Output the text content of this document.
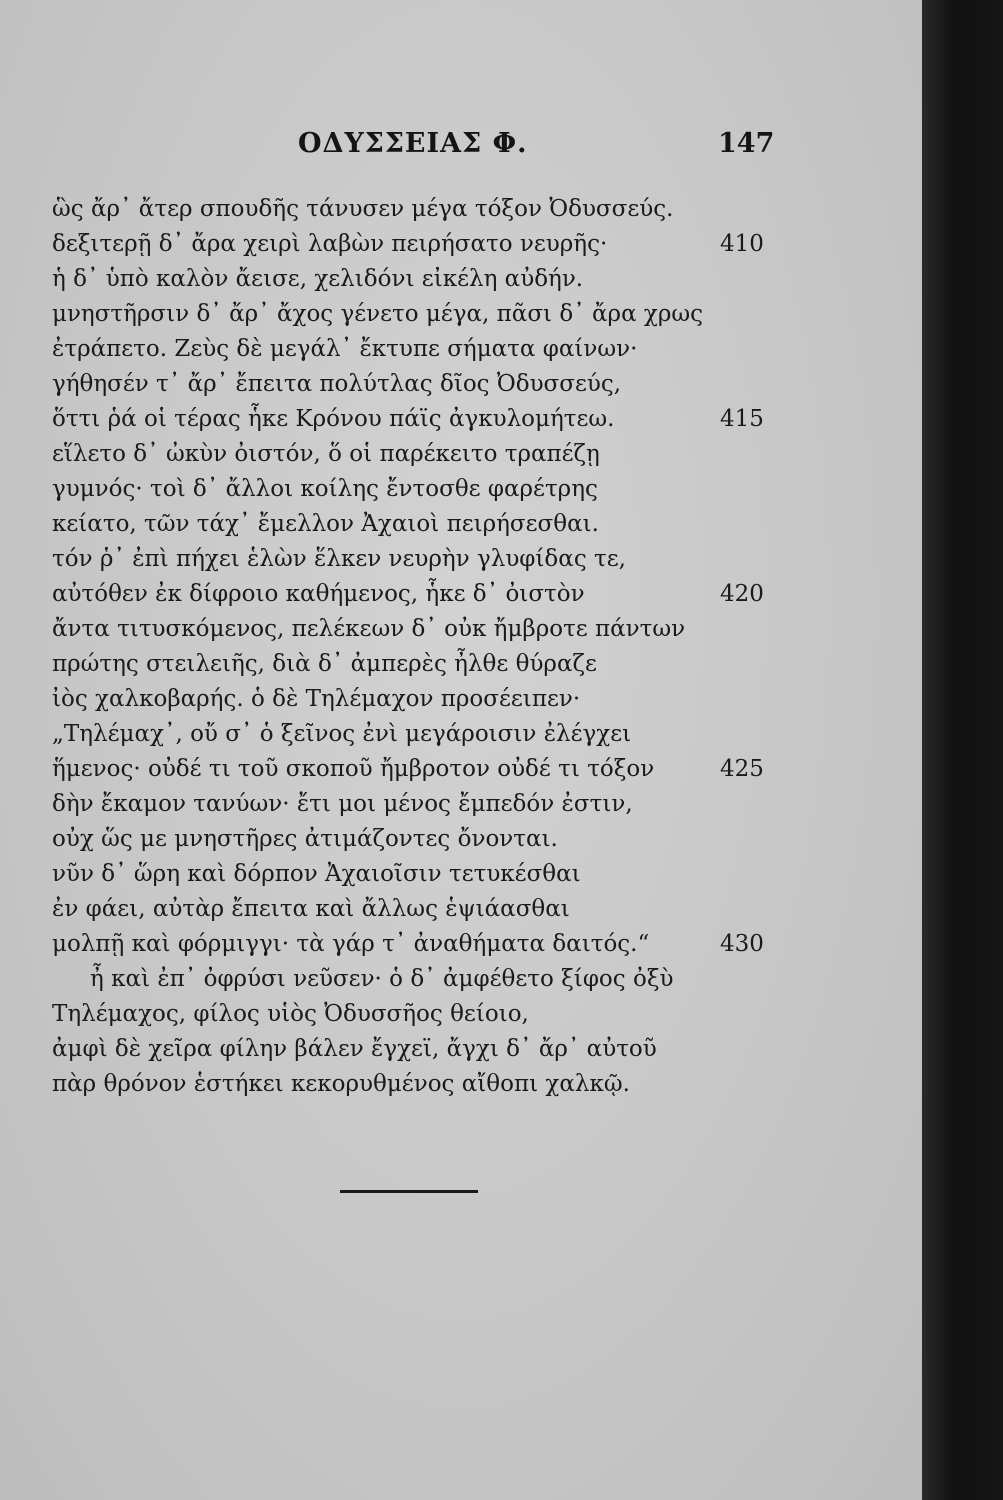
ΟΔΥΣΣΕΙΑΣ Φ.	147
ὣς ἄρ᾽ ἄτερ σπουδῆς τάνυσεν μέγα τόξον Ὀδυσσεύς.
δεξιτερῇ δ᾽ ἄρα χειρὶ λαβὼν πειρήσατο νευρῆς·	410
ἡ δ᾽ ὑπὸ καλὸν ἄεισε, χελιδόνι εἰκέλη αὐδήν.
μνηστῆρσιν δ᾽ ἄρ᾽ ἄχος γένετο μέγα, πᾶσι δ᾽ ἄρα χρως
ἐτράπετο. Ζεὺς δὲ μεγάλ᾽ ἔκτυπε σήματα φαίνων·
γήθησέν τ᾽ ἄρ᾽ ἔπειτα πολύτλας δῖος Ὀδυσσεύς,
ὅττι ῥά οἱ τέρας ἧκε Κρόνου πάϊς ἀγκυλομήτεω.	415
εἵλετο δ᾽ ὠκὺν ὀιστόν, ὅ οἱ παρέκειτο τραπέζῃ
γυμνός· τοὶ δ᾽ ἄλλοι κοίλης ἔντοσθε φαρέτρης
κείατο, τῶν τάχ᾽ ἔμελλον Ἀχαιοὶ πειρήσεσθαι.
τόν ῥ᾽ ἐπὶ πήχει ἑλὼν ἕλκεν νευρὴν γλυφίδας τε,
αὐτόθεν ἐκ δίφροιο καθήμενος, ἧκε δ᾽ ὀιστὸν	420
ἄντα τιτυσκόμενος, πελέκεων δ᾽ οὐκ ἤμβροτε πάντων
πρώτης στειλειῆς, διὰ δ᾽ ἀμπερὲς ἦλθε θύραζε
ἰὸς χαλκοβαρής. ὁ δὲ Τηλέμαχον προσέειπεν·
„Τηλέμαχ᾽, οὔ σ᾽ ὁ ξεῖνος ἐνὶ μεγάροισιν ἐλέγχει
ἥμενος· οὐδέ τι τοῦ σκοποῦ ἤμβροτον οὐδέ τι τόξον	425
δὴν ἔκαμον τανύων· ἔτι μοι μένος ἔμπεδόν ἐστιν,
οὐχ ὥς με μνηστῆρες ἀτιμάζοντες ὄνονται.
νῦν δ᾽ ὥρη καὶ δόρπον Ἀχαιοῖσιν τετυκέσθαι
ἐν φάει, αὐτὰρ ἔπειτα καὶ ἄλλως ἑψιάασθαι
μολπῇ καὶ φόρμιγγι· τὰ γάρ τ᾽ ἀναθήματα δαιτός.“	430
ἦ καὶ ἐπ᾽ ὀφρύσι νεῦσεν· ὁ δ᾽ ἀμφέθετο ξίφος ὀξὺ
Τηλέμαχος, φίλος υἱὸς Ὀδυσσῆος θείοιο,
ἀμφὶ δὲ χεῖρα φίλην βάλεν ἔγχεϊ, ἄγχι δ᾽ ἄρ᾽ αὐτοῦ
πὰρ θρόνον ἑστήκει κεκορυθμένος αἴθοπι χαλκῷ.
